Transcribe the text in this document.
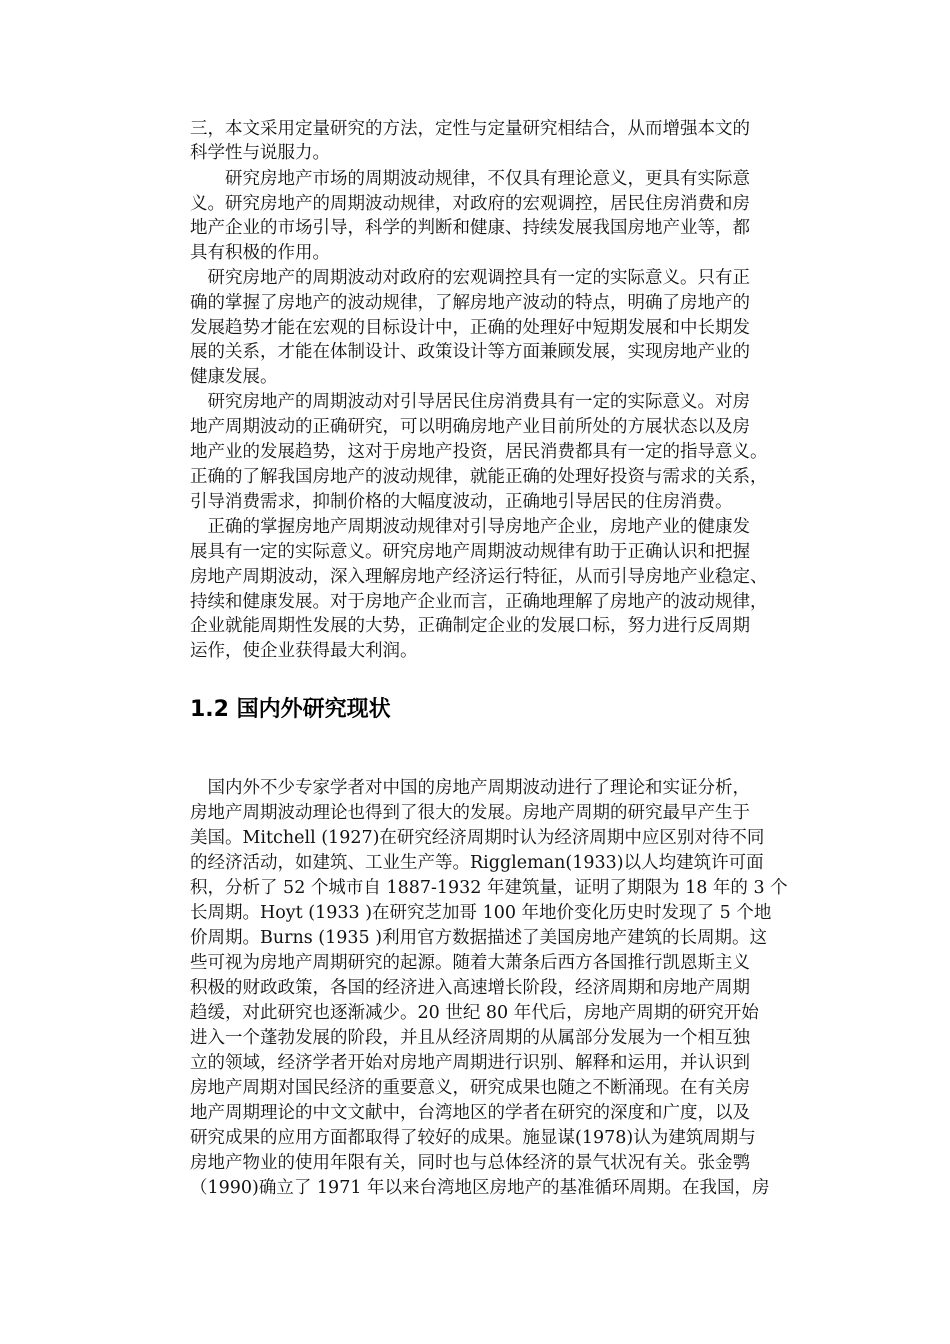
三，本文采用定量研究的方法，定性与定量研究相结合，从而增强本文的
科学性与说服力。
　　研究房地产市场的周期波动规律，不仅具有理论意义，更具有实际意
义。研究房地产的周期波动规律，对政府的宏观调控，居民住房消费和房
地产企业的市场引导，科学的判断和健康、持续发展我国房地产业等，都
具有积极的作用。
　研究房地产的周期波动对政府的宏观调控具有一定的实际意义。只有正
确的掌握了房地产的波动规律，了解房地产波动的特点，明确了房地产的
发展趋势才能在宏观的目标设计中，正确的处理好中短期发展和中长期发
展的关系，才能在体制设计、政策设计等方面兼顾发展，实现房地产业的
健康发展。
　研究房地产的周期波动对引导居民住房消费具有一定的实际意义。对房
地产周期波动的正确研究，可以明确房地产业目前所处的方展状态以及房
地产业的发展趋势，这对于房地产投资，居民消费都具有一定的指导意义。
正确的了解我国房地产的波动规律，就能正确的处理好投资与需求的关系，
引导消费需求，抑制价格的大幅度波动，正确地引导居民的住房消费。
　正确的掌握房地产周期波动规律对引导房地产企业，房地产业的健康发
展具有一定的实际意义。研究房地产周期波动规律有助于正确认识和把握
房地产周期波动，深入理解房地产经济运行特征，从而引导房地产业稳定、
持续和健康发展。对于房地产企业而言，正确地理解了房地产的波动规律，
企业就能周期性发展的大势，正确制定企业的发展口标，努力进行反周期
运作，使企业获得最大利润。
1.2 国内外研究现状
　国内外不少专家学者对中国的房地产周期波动进行了理论和实证分析，
房地产周期波动理论也得到了很大的发展。房地产周期的研究最早产生于
美国。Mitchell (1927)在研究经济周期时认为经济周期中应区别对待不同
的经济活动，如建筑、工业生产等。Riggleman(1933)以人均建筑许可面
积，分析了 52 个城市自 1887-1932 年建筑量，证明了期限为 18 年的 3 个
长周期。Hoyt (1933 )在研究芝加哥 100 年地价变化历史时发现了 5 个地
价周期。Burns (1935 )利用官方数据描述了美国房地产建筑的长周期。这
些可视为房地产周期研究的起源。随着大萧条后西方各国推行凯恩斯主义
积极的财政政策，各国的经济进入高速增长阶段，经济周期和房地产周期
趋缓，对此研究也逐渐减少。20 世纪 80 年代后，房地产周期的研究开始
进入一个蓬勃发展的阶段，并且从经济周期的从属部分发展为一个相互独
立的领域，经济学者开始对房地产周期进行识别、解释和运用，并认识到
房地产周期对国民经济的重要意义，研究成果也随之不断涌现。在有关房
地产周期理论的中文文献中，台湾地区的学者在研究的深度和广度，以及
研究成果的应用方面都取得了较好的成果。施显谋(1978)认为建筑周期与
房地产物业的使用年限有关，同时也与总体经济的景气状况有关。张金鹗
（1990)确立了 1971 年以来台湾地区房地产的基准循环周期。在我国，房
